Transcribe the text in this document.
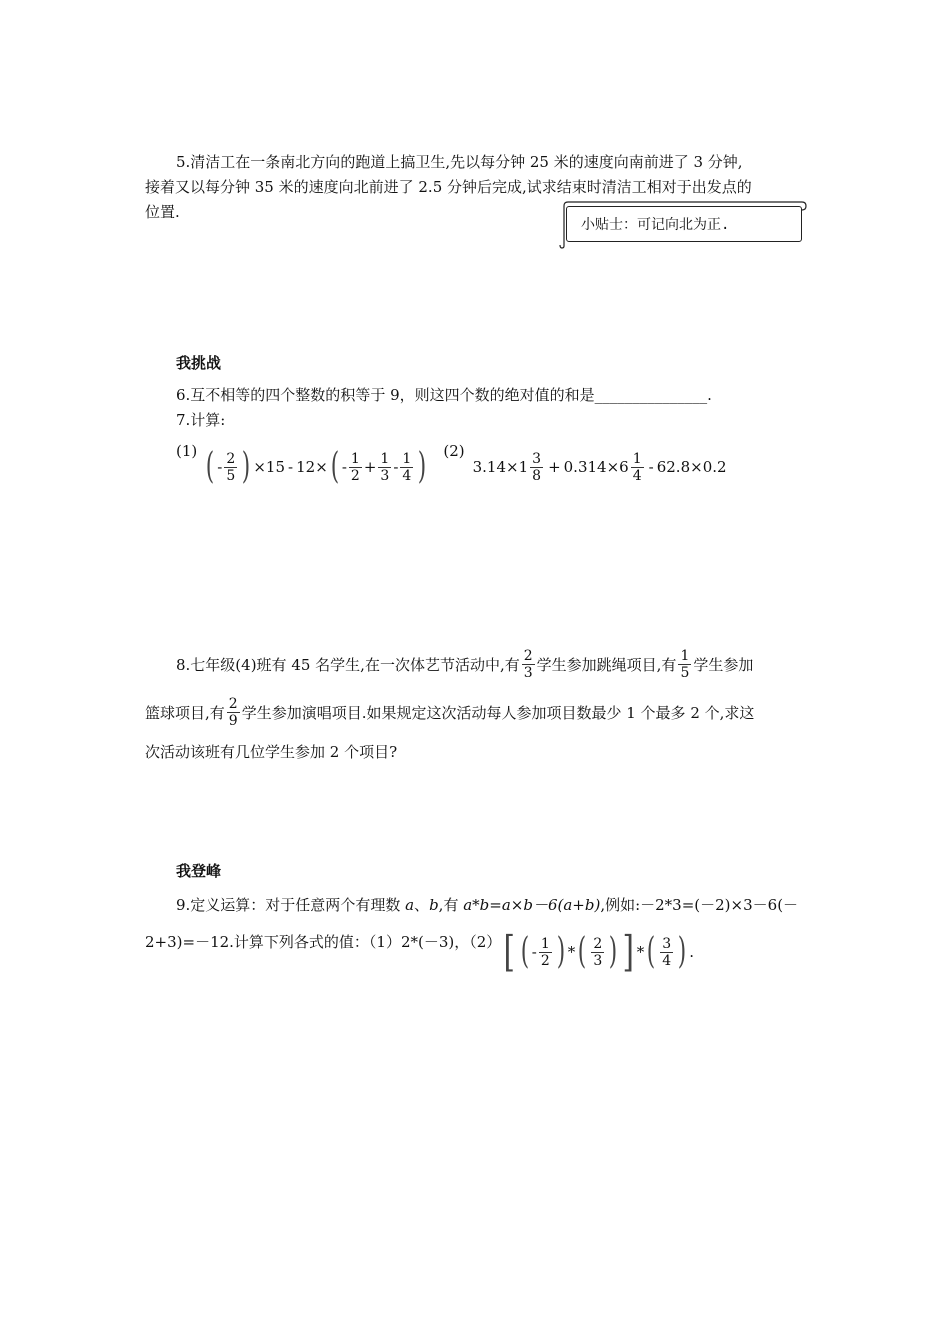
5.清洁工在一条南北方向的跑道上搞卫生,先以每分钟 25 米的速度向南前进了 3 分钟,
接着又以每分钟 35 米的速度向北前进了 2.5 分钟后完成,试求结束时清洁工相对于出发点的
位置.
小贴士：可记向北为正.
我挑战
6.互不相等的四个整数的积等于 9，则这四个数的绝对值的和是_______________.
7.计算:
(1) ( - $\frac{2}{5}$ ) × 15 - 12 × ( - $\frac{1}{2} + \frac{1}{3} - \frac{1}{4}$ ) (2)
$3.14 \times 1 \frac{3}{8} + 0.314 \times 6 \frac{1}{4} - 62.8 \times 0.2$
8.七年级(4)班有 45 名学生,在一次体艺节活动中,有 $\frac{2}{3}$ 学生参加跳绳项目,有 $\frac{1}{5}$ 学生参加
篮球项目,有 $\frac{2}{9}$ 学生参加演唱项目.如果规定这次活动每人参加项目数最少 1 个最多 2 个,求这
次活动该班有几位学生参加 2 个项目?
我登峰
9.定义运算：对于任意两个有理数 a、b,有 a*b=a×b－6(a+b),例如:－2*3=(－2)×3－6(－
2+3)=－12.计算下列各式的值：（1）2*(－3)，（2） [ ( - $\frac{1}{2}$ ) * ( $\frac{2}{3}$ ) ] * ( $\frac{3}{4}$ ) .
